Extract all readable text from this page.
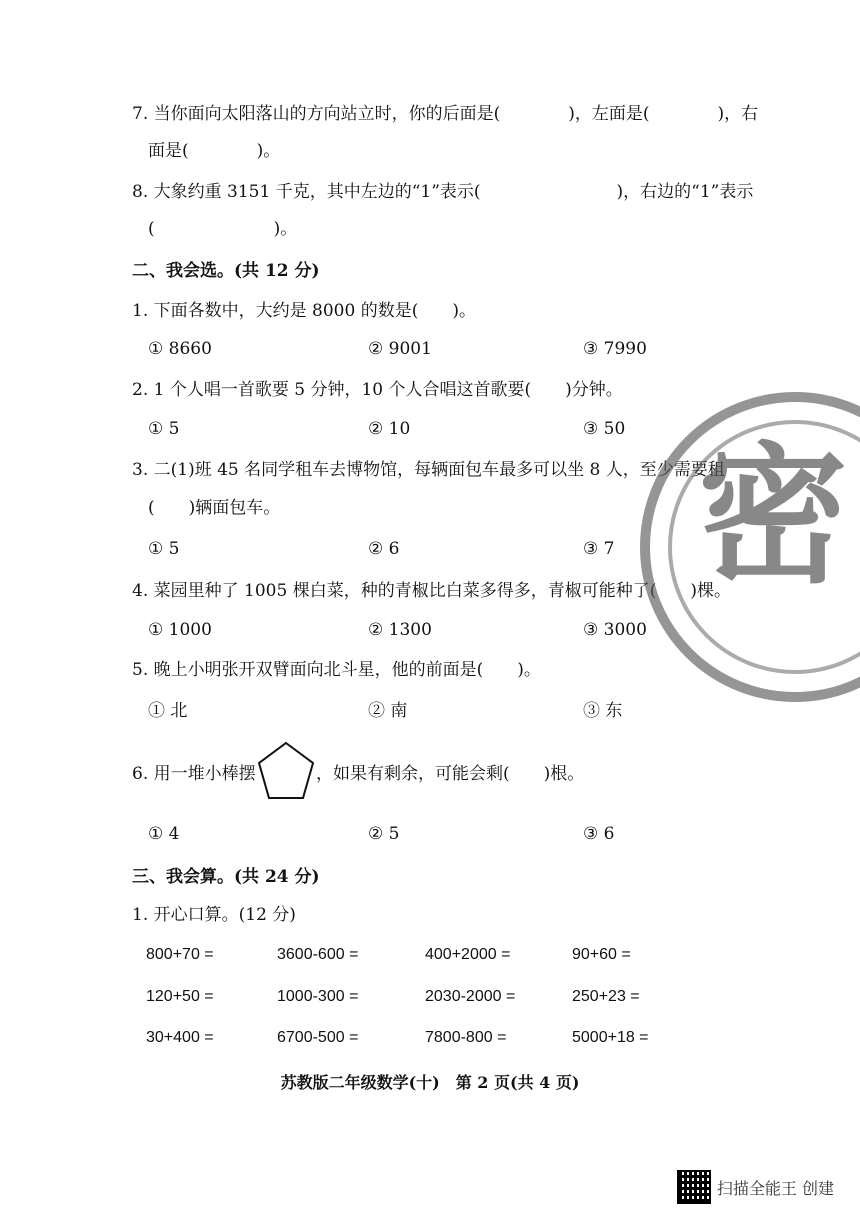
7. 当你面向太阳落山的方向站立时，你的后面是(　　　　)，左面是(　　　　)，右
面是(　　　　)。
8. 大象约重 3151 千克，其中左边的“1”表示(　　　　　　　　)，右边的“1”表示
(　　　　　　　)。
二、我会选。(共 12 分)
1. 下面各数中，大约是 8000 的数是(　　)。
① 8660	② 9001	③ 7990
2. 1 个人唱一首歌要 5 分钟，10 个人合唱这首歌要(　　)分钟。
① 5	② 10	③ 50
3. 二(1)班 45 名同学租车去博物馆，每辆面包车最多可以坐 8 人，至少需要租
(　　)辆面包车。
① 5	② 6	③ 7
4. 菜园里种了 1005 棵白菜，种的青椒比白菜多得多，青椒可能种了(　　)棵。
① 1000	② 1300	③ 3000
5. 晚上小明张开双臂面向北斗星，他的前面是(　　)。
① 北	② 南	③ 东
6. 用一堆小棒摆	，如果有剩余，可能会剩(　　)根。
① 4	② 5	③ 6
三、我会算。(共 24 分)
1. 开心口算。(12 分)
800+70 =	3600-600 =	400+2000 =	90+60 =
120+50 =	1000-300 =	2030-2000 =	250+23 =
30+400 =	6700-500 =	7800-800 =	5000+18 =
苏教版二年级数学(十)　第 2 页(共 4 页)
密
扫描全能王 创建
